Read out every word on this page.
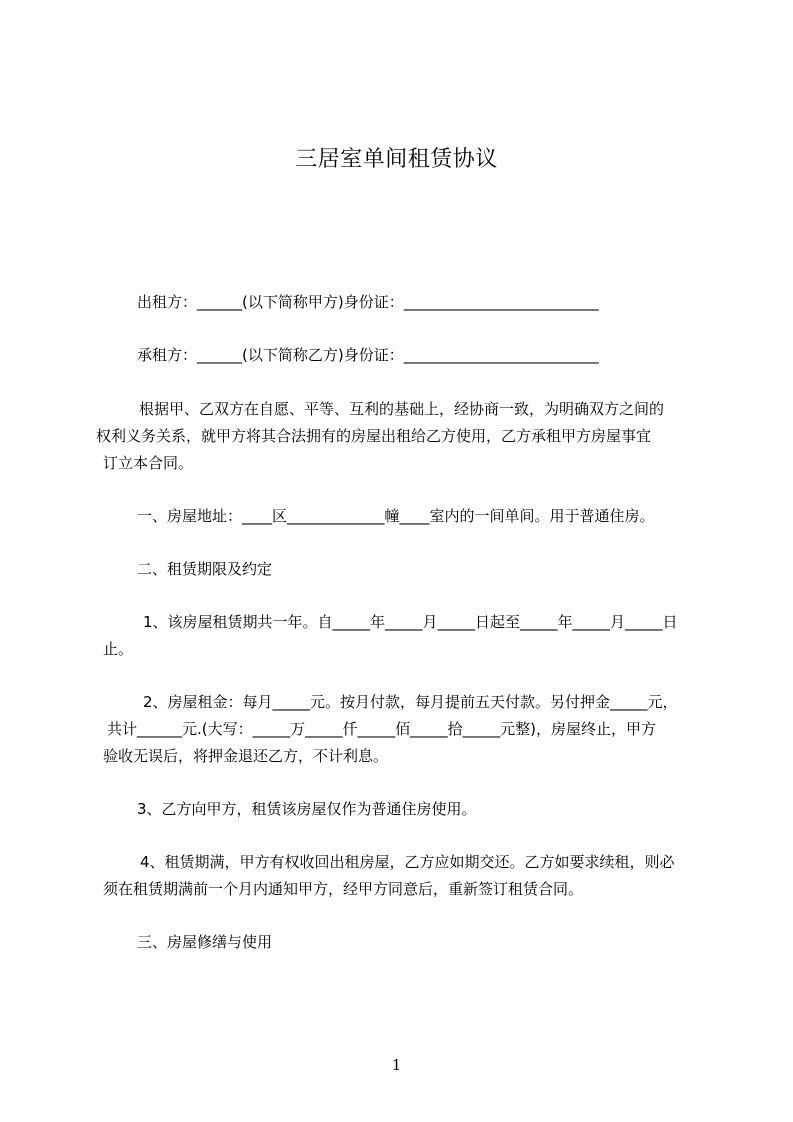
三居室单间租赁协议
出租方：______(以下简称甲方)身份证：__________________________
承租方：______(以下简称乙方)身份证：__________________________
根据甲、乙双方在自愿、平等、互利的基础上，经协商一致，为明确双方之间的
权利义务关系，就甲方将其合法拥有的房屋出租给乙方使用，乙方承租甲方房屋事宜
订立本合同。
一、房屋地址：____区_____________幢____室内的一间单间。用于普通住房。
二、租赁期限及约定
1、该房屋租赁期共一年。自_____年_____月_____日起至_____年_____月_____日
止。
2、房屋租金：每月_____元。按月付款，每月提前五天付款。另付押金_____元，
共计______元.(大写：_____万_____仟_____佰_____拾_____元整)，房屋终止，甲方
验收无误后，将押金退还乙方，不计利息。
3、乙方向甲方，租赁该房屋仅作为普通住房使用。
4、租赁期满，甲方有权收回出租房屋，乙方应如期交还。乙方如要求续租，则必
须在租赁期满前一个月内通知甲方，经甲方同意后，重新签订租赁合同。
三、房屋修缮与使用
1
